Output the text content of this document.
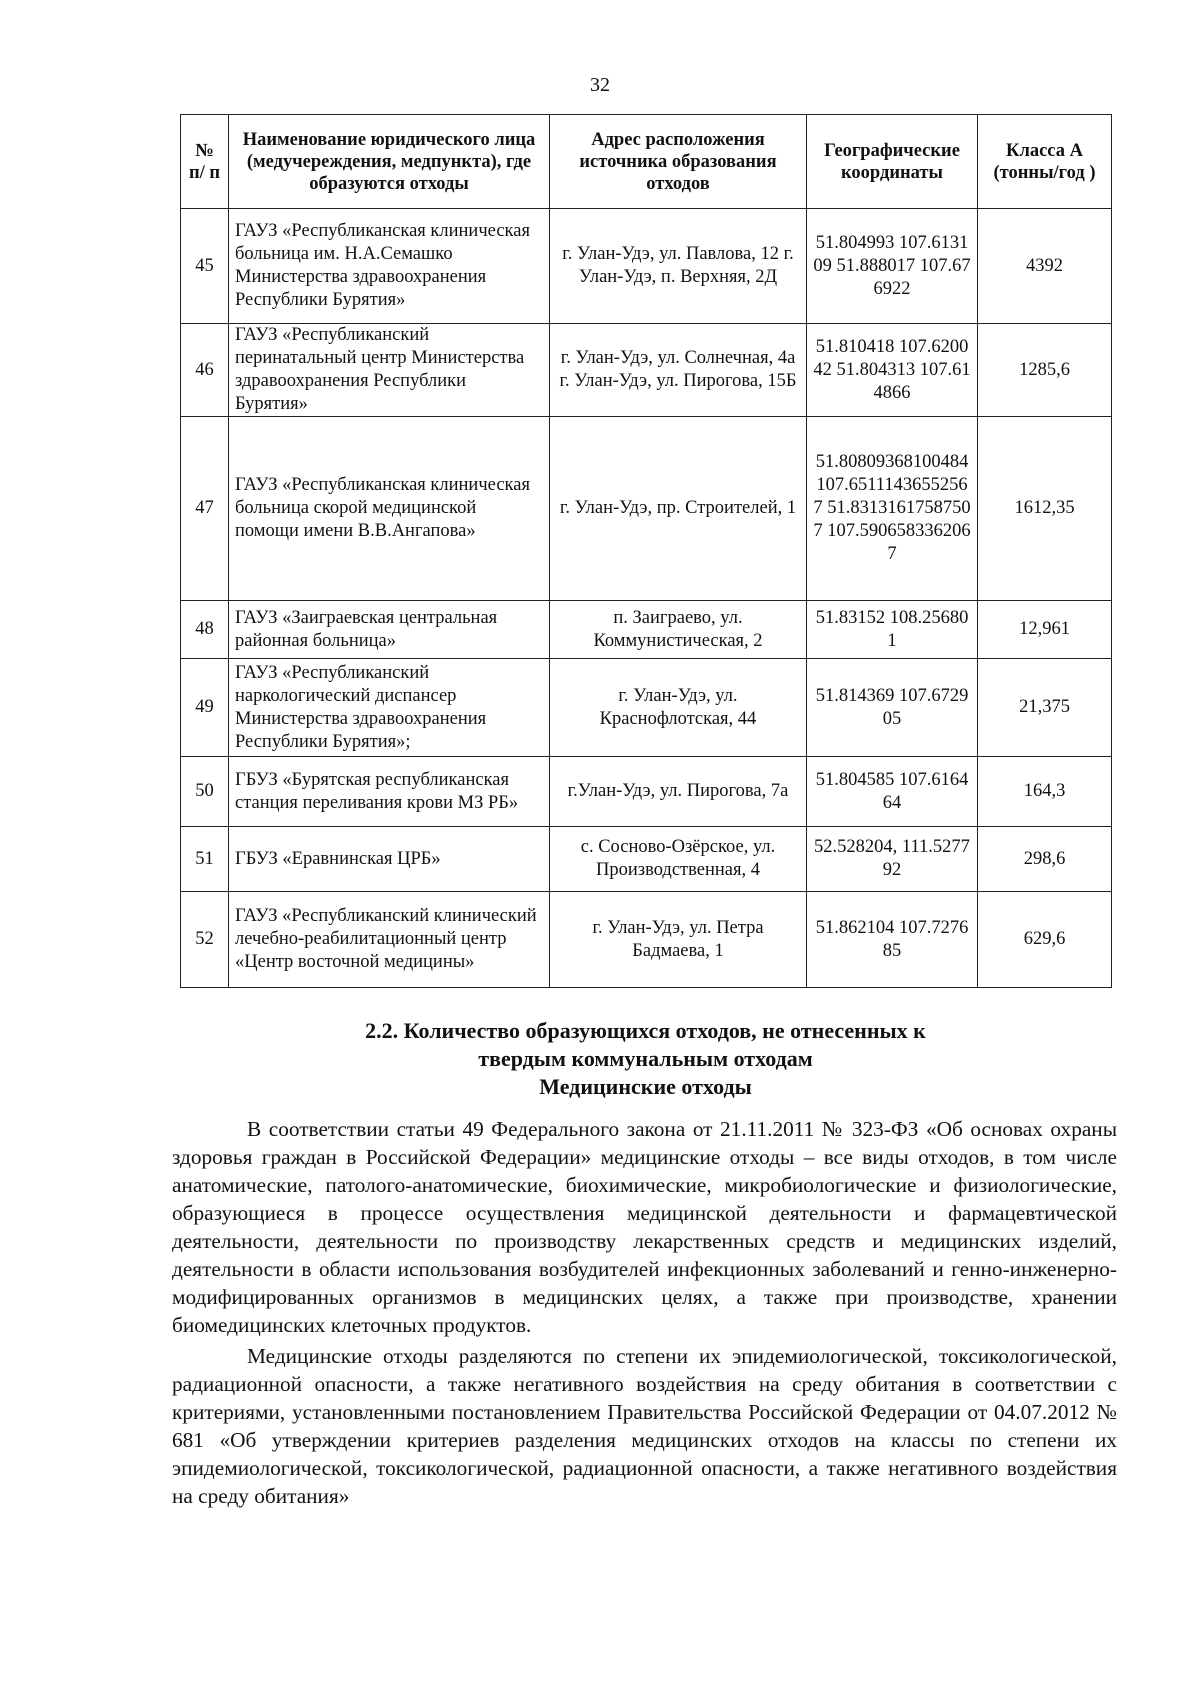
32
№ п/ п	Наименование юридического лица (медучереждения, медпункта), где образуются отходы	Адрес расположения источника образования отходов	Географические координаты	Класса А (тонны/год )
45	ГАУЗ «Республиканская клиническая больница им. Н.А.Семашко Министерства здравоохранения Республики Бурятия»	г. Улан-Удэ, ул. Павлова, 12 г. Улан-Удэ, п. Верхняя, 2Д	51.804993 107.613109 51.888017 107.676922	4392
46	ГАУЗ «Республиканский перинатальный центр Министерства здравоохранения Республики Бурятия»	г. Улан-Удэ, ул. Солнечная, 4а г. Улан-Удэ, ул. Пирогова, 15Б	51.810418 107.620042 51.804313 107.614866	1285,6
47	ГАУЗ «Республиканская клиническая больница скорой медицинской помощи имени В.В.Ангапова»	г. Улан-Удэ, пр. Строителей, 1	51.80809368100484 107.65111436552567 51.83131617587507 107.5906583362067	1612,35
48	ГАУЗ «Заиграевская центральная районная больница»	п. Заиграево, ул. Коммунистическая, 2	51.83152 108.256801	12,961
49	ГАУЗ «Республиканский наркологический диспансер Министерства здравоохранения Республики Бурятия»;	г. Улан-Удэ, ул. Краснофлотская, 44	51.814369 107.672905	21,375
50	ГБУЗ «Бурятская республиканская станция переливания крови МЗ РБ»	г.Улан-Удэ, ул. Пирогова, 7а	51.804585 107.616464	164,3
51	ГБУЗ «Еравнинская ЦРБ»	с. Сосново-Озёрское, ул. Производственная, 4	52.528204, 111.527792	298,6
52	ГАУЗ «Республиканский клинический лечебно-реабилитационный центр «Центр восточной медицины»	г. Улан-Удэ, ул. Петра Бадмаева, 1	51.862104 107.727685	629,6
2.2. Количество образующихся отходов, не отнесенных к
твердым коммунальным отходам
Медицинские отходы

В соответствии статьи 49 Федерального закона от 21.11.2011 № 323-ФЗ «Об основах охраны здоровья граждан в Российской Федерации» медицинские отходы – все виды отходов, в том числе анатомические, патолого-анатомические, биохимические, микробиологические и физиологические, образующиеся в процессе осуществления медицинской деятельности и фармацевтической деятельности, деятельности по производству лекарственных средств и медицинских изделий, деятельности в области использования возбудителей инфекционных заболеваний и генно-инженерно-модифицированных организмов в медицинских целях, а также при производстве, хранении биомедицинских клеточных продуктов.

Медицинские отходы разделяются по степени их эпидемиологической, токсикологической, радиационной опасности, а также негативного воздействия на среду обитания в соответствии с критериями, установленными постановлением Правительства Российской Федерации от 04.07.2012 № 681 «Об утверждении критериев разделения медицинских отходов на классы по степени их эпидемиологической, токсикологической, радиационной опасности, а также негативного воздействия на среду обитания»
